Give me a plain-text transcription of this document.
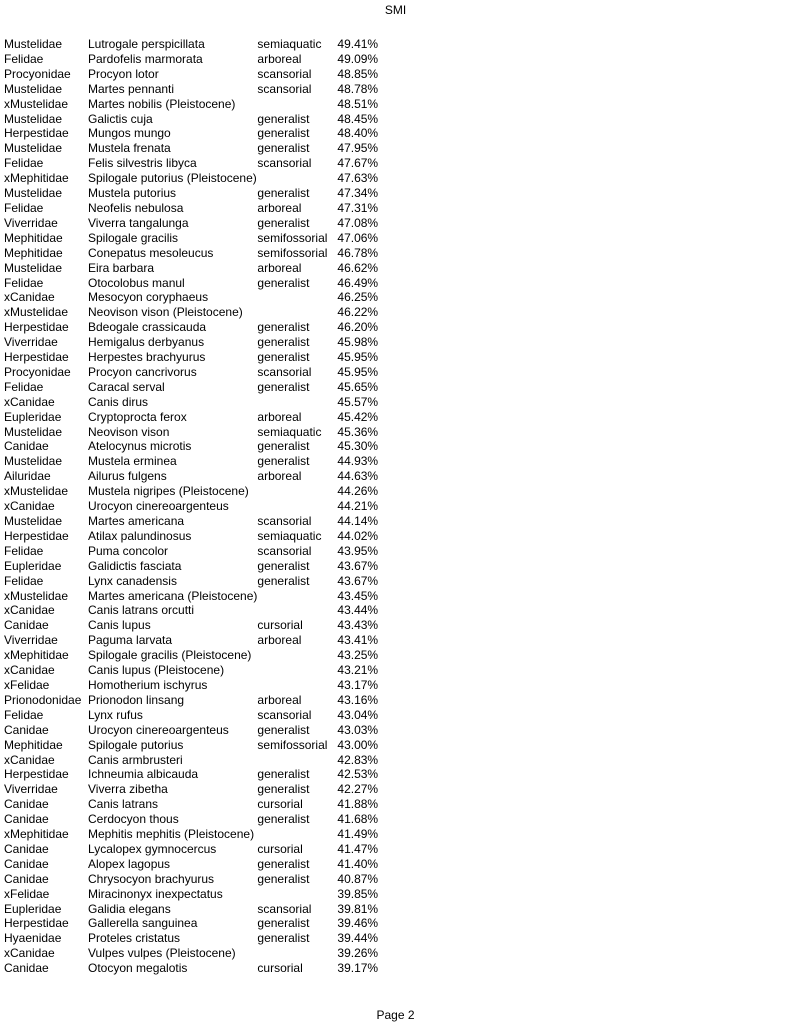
SMI
Mustelidae	Lutrogale perspicillata	semiaquatic	49.41%
Felidae	Pardofelis marmorata	arboreal	49.09%
Procyonidae	Procyon lotor	scansorial	48.85%
Mustelidae	Martes pennanti	scansorial	48.78%
xMustelidae	Martes nobilis (Pleistocene)		48.51%
Mustelidae	Galictis cuja	generalist	48.45%
Herpestidae	Mungos mungo	generalist	48.40%
Mustelidae	Mustela frenata	generalist	47.95%
Felidae	Felis silvestris libyca	scansorial	47.67%
xMephitidae	Spilogale putorius (Pleistocene)		47.63%
Mustelidae	Mustela putorius	generalist	47.34%
Felidae	Neofelis nebulosa	arboreal	47.31%
Viverridae	Viverra tangalunga	generalist	47.08%
Mephitidae	Spilogale gracilis	semifossorial	47.06%
Mephitidae	Conepatus mesoleucus	semifossorial	46.78%
Mustelidae	Eira barbara	arboreal	46.62%
Felidae	Otocolobus manul	generalist	46.49%
xCanidae	Mesocyon coryphaeus		46.25%
xMustelidae	Neovison vison (Pleistocene)		46.22%
Herpestidae	Bdeogale crassicauda	generalist	46.20%
Viverridae	Hemigalus derbyanus	generalist	45.98%
Herpestidae	Herpestes brachyurus	generalist	45.95%
Procyonidae	Procyon cancrivorus	scansorial	45.95%
Felidae	Caracal serval	generalist	45.65%
xCanidae	Canis dirus		45.57%
Eupleridae	Cryptoprocta ferox	arboreal	45.42%
Mustelidae	Neovison vison	semiaquatic	45.36%
Canidae	Atelocynus microtis	generalist	45.30%
Mustelidae	Mustela erminea	generalist	44.93%
Ailuridae	Ailurus fulgens	arboreal	44.63%
xMustelidae	Mustela nigripes (Pleistocene)		44.26%
xCanidae	Urocyon cinereoargenteus		44.21%
Mustelidae	Martes americana	scansorial	44.14%
Herpestidae	Atilax palundinosus	semiaquatic	44.02%
Felidae	Puma concolor	scansorial	43.95%
Eupleridae	Galidictis fasciata	generalist	43.67%
Felidae	Lynx canadensis	generalist	43.67%
xMustelidae	Martes americana (Pleistocene)		43.45%
xCanidae	Canis latrans orcutti		43.44%
Canidae	Canis lupus	cursorial	43.43%
Viverridae	Paguma larvata	arboreal	43.41%
xMephitidae	Spilogale gracilis (Pleistocene)		43.25%
xCanidae	Canis lupus (Pleistocene)		43.21%
xFelidae	Homotherium ischyrus		43.17%
Prionodonidae	Prionodon linsang	arboreal	43.16%
Felidae	Lynx rufus	scansorial	43.04%
Canidae	Urocyon cinereoargenteus	generalist	43.03%
Mephitidae	Spilogale putorius	semifossorial	43.00%
xCanidae	Canis armbrusteri		42.83%
Herpestidae	Ichneumia albicauda	generalist	42.53%
Viverridae	Viverra zibetha	generalist	42.27%
Canidae	Canis latrans	cursorial	41.88%
Canidae	Cerdocyon thous	generalist	41.68%
xMephitidae	Mephitis mephitis (Pleistocene)		41.49%
Canidae	Lycalopex gymnocercus	cursorial	41.47%
Canidae	Alopex lagopus	generalist	41.40%
Canidae	Chrysocyon brachyurus	generalist	40.87%
xFelidae	Miracinonyx inexpectatus		39.85%
Eupleridae	Galidia elegans	scansorial	39.81%
Herpestidae	Gallerella sanguinea	generalist	39.46%
Hyaenidae	Proteles cristatus	generalist	39.44%
xCanidae	Vulpes vulpes (Pleistocene)		39.26%
Canidae	Otocyon megalotis	cursorial	39.17%
Page 2
